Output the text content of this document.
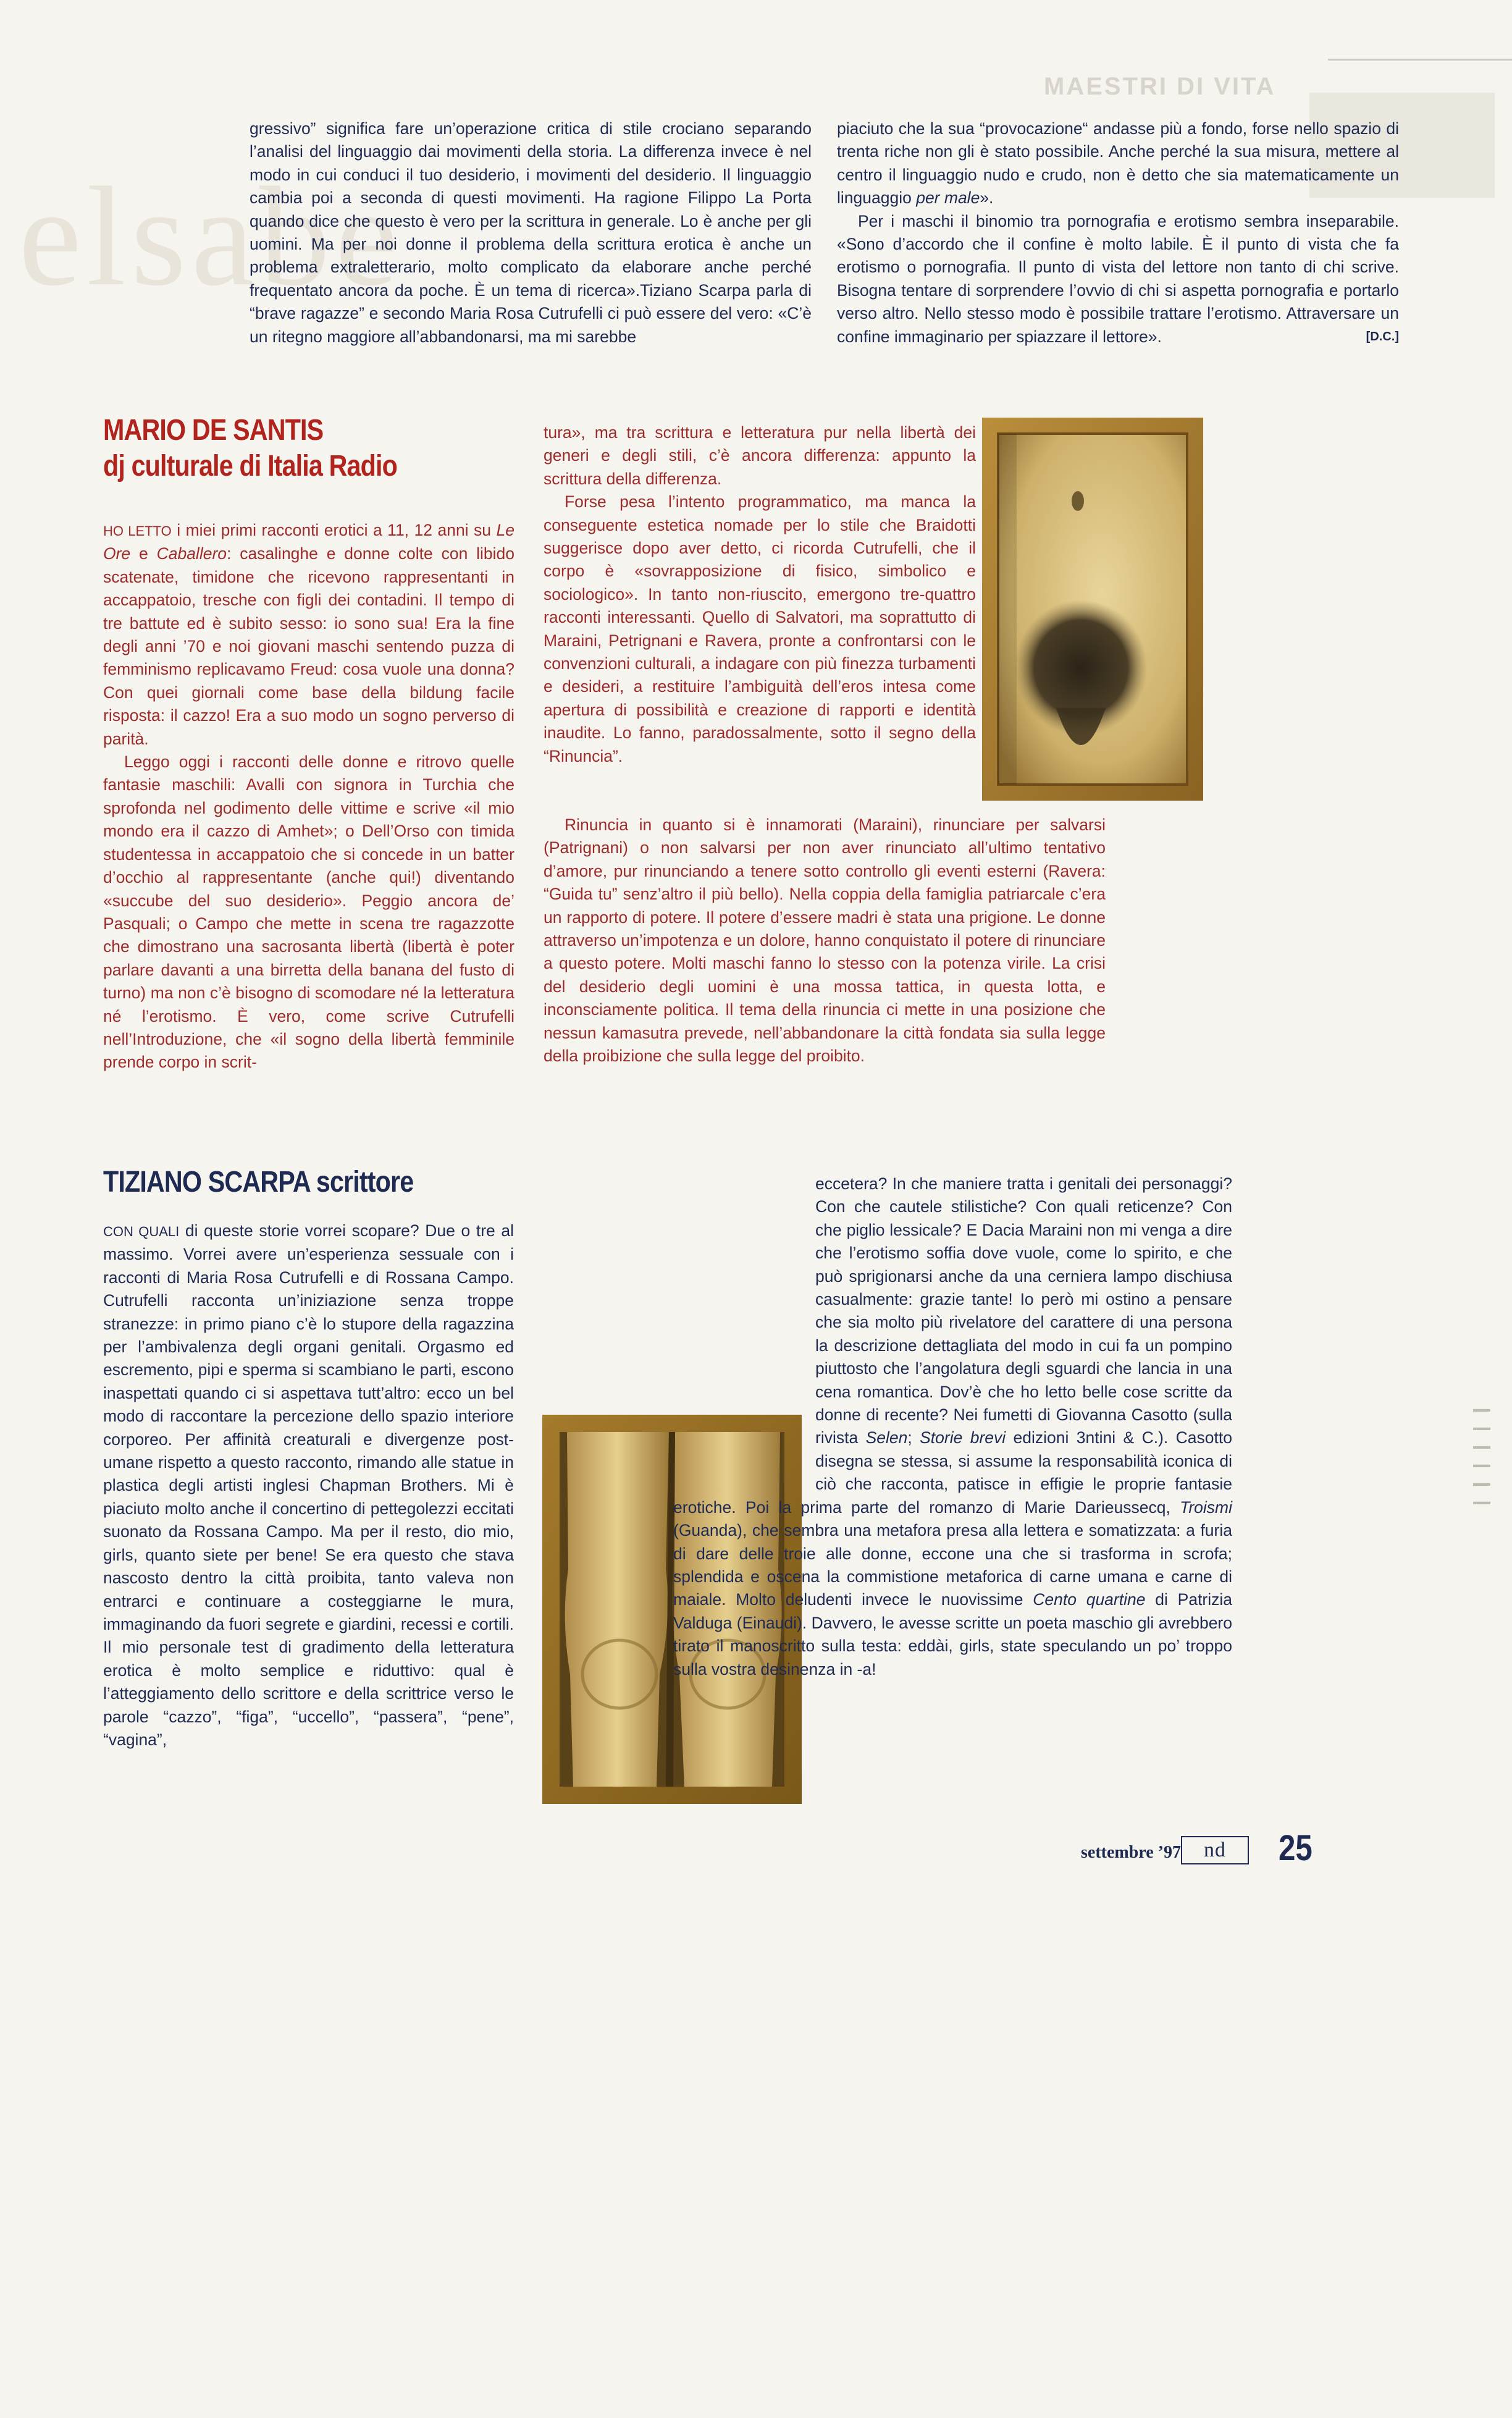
elsabe
MAESTRI DI VITA
▬▬
▬▬
▬▬
▬▬
▬▬
▬▬

gressivo” significa fare un’operazione critica di stile crociano separando l’analisi del linguaggio dai movimenti della storia. La differenza invece è nel modo in cui conduci il tuo desiderio, i movimenti del desiderio. Il linguaggio cambia poi a seconda di questi movimenti. Ha ragione Filippo La Porta quando dice che questo è vero per la scrittura in generale. Lo è anche per gli uomini. Ma per noi donne il problema della scrittura erotica è anche un problema extraletterario, molto complicato da elaborare anche perché frequentato ancora da poche. È un tema di ricerca».Tiziano Scarpa parla di “brave ragazze” e secondo Maria Rosa Cutrufelli ci può essere del vero: «C’è un ritegno maggiore all’abbandonarsi, ma mi sarebbe

piaciuto che la sua “provocazione“ andasse più a fondo, forse nello spazio di trenta riche non gli è stato possibile. Anche perché la sua misura, mettere al centro il linguaggio nudo e crudo, non è detto che sia matematicamente un linguaggio per male».

Per i maschi il binomio tra pornografia e erotismo sembra inseparabile. «Sono d’accordo che il confine è molto labile. È il punto di vista che fa erotismo o pornografia. Il punto di vista del lettore non tanto di chi scrive. Bisogna tentare di sorprendere l’ovvio di chi si aspetta pornografia e portarlo verso altro. Nello stesso modo è possibile trattare l’erotismo. Attraversare un confine immaginario per spiazzare il lettore».	[D.C.]

MARIO DE SANTIS
dj culturale di Italia Radio

HO LETTO i miei primi racconti erotici a 11, 12 anni su Le Ore e Caballero: casalinghe e donne colte con libido scatenate, timidone che ricevono rappresentanti in accappatoio, tresche con figli dei contadini. Il tempo di tre battute ed è subito sesso: io sono sua! Era la fine degli anni ’70 e noi giovani maschi sentendo puzza di femminismo replicavamo Freud: cosa vuole una donna? Con quei giornali come base della bildung facile risposta: il cazzo! Era a suo modo un sogno perverso di parità.

Leggo oggi i racconti delle donne e ritrovo quelle fantasie maschili: Avalli con signora in Turchia che sprofonda nel godimento delle vittime e scrive «il mio mondo era il cazzo di Amhet»; o Dell’Orso con timida studentessa in accappatoio che si concede in un batter d’occhio al rappresentante (anche qui!) diventando «succube del suo desiderio». Peggio ancora de’ Pasquali; o Campo che mette in scena tre ragazzotte che dimostrano una sacrosanta libertà (libertà è poter parlare davanti a una birretta della banana del fusto di turno) ma non c’è bisogno di scomodare né la letteratura né l’erotismo. È vero, come scrive Cutrufelli nell’Introduzione, che «il sogno della libertà femminile prende corpo in scrit-

tura», ma tra scrittura e letteratura pur nella libertà dei generi e degli stili, c’è ancora differenza: appunto la scrittura della differenza.

Forse pesa l’intento programmatico, ma manca la conseguente estetica nomade per lo stile che Braidotti suggerisce dopo aver detto, ci ricorda Cutrufelli, che il corpo è «sovrapposizione di fisico, simbolico e sociologico». In tanto non-riuscito, emergono tre-quattro racconti interessanti. Quello di Salvatori, ma soprattutto di Maraini, Petrignani e Ravera, pronte a confrontarsi con le convenzioni culturali, a indagare con più finezza turbamenti e desideri, a restituire l’ambiguità dell’eros intesa come apertura di possibilità e creazione di rapporti e identità inaudite. Lo fanno, paradossalmente, sotto il segno della “Rinuncia”.

Rinuncia in quanto si è innamorati (Maraini), rinunciare per salvarsi (Patrignani) o non salvarsi per non aver rinunciato all’ultimo tentativo d’amore, pur rinunciando a tenere sotto controllo gli eventi esterni (Ravera: “Guida tu” senz’altro il più bello). Nella coppia della famiglia patriarcale c’era un rapporto di potere. Il potere d’essere madri è stata una prigione. Le donne attraverso un’impotenza e un dolore, hanno conquistato il potere di rinunciare a questo potere. Molti maschi fanno lo stesso con la potenza virile. La crisi del desiderio degli uomini è una mossa tattica, in questa lotta, e inconsciamente politica. Il tema della rinuncia ci mette in una posizione che nessun kamasutra prevede, nell’abbandonare la città fondata sia sulla legge della proibizione che sulla legge del proibito.

TIZIANO SCARPA scrittore

CON QUALI di queste storie vorrei scopare? Due o tre al massimo. Vorrei avere un’esperienza sessuale con i racconti di Maria Rosa Cutrufelli e di Rossana Campo. Cutrufelli racconta un’iniziazione senza troppe stranezze: in primo piano c’è lo stupore della ragazzina per l’ambivalenza degli organi genitali. Orgasmo ed escremento, pipi e sperma si scambiano le parti, escono inaspettati quando ci si aspettava tutt’altro: ecco un bel modo di raccontare la percezione dello spazio interiore corporeo. Per affinità creaturali e divergenze post-umane rispetto a questo racconto, rimando alle statue in plastica degli artisti inglesi Chapman Brothers. Mi è piaciuto molto anche il concertino di pettegolezzi eccitati suonato da Rossana Campo. Ma per il resto, dio mio, girls, quanto siete per bene! Se era questo che stava nascosto dentro la città proibita, tanto valeva non entrarci e continuare a costeggiarne le mura, immaginando da fuori segrete e giardini, recessi e cortili. Il mio personale test di gradimento della letteratura erotica è molto semplice e riduttivo: qual è l’atteggiamento dello scrittore e della scrittrice verso le parole “cazzo”, “figa”, “uccello”, “passera”, “pene”, “vagina”,

eccetera? In che maniere tratta i genitali dei personaggi? Con che cautele stilistiche? Con quali reticenze? Con che piglio lessicale? E Dacia Maraini non mi venga a dire che l’erotismo soffia dove vuole, come lo spirito, e che può sprigionarsi anche da una cerniera lampo dischiusa casualmente: grazie tante! Io però mi ostino a pensare che sia molto più rivelatore del carattere di una persona la descrizione dettagliata del modo in cui fa un pompino piuttosto che l’angolatura degli sguardi che lancia in una cena romantica. Dov’è che ho letto belle cose scritte da donne di recente? Nei fumetti di Giovanna Casotto (sulla rivista Selen; Storie brevi edizioni 3ntini & C.). Casotto disegna se stessa, si assume la responsabilità iconica di ciò che racconta, patisce in effigie le proprie fantasie erotiche. Poi la prima parte del romanzo di Marie Darieussecq, Troismi (Guanda), che sembra una metafora presa alla lettera e somatizzata: a furia di dare delle troie alle donne, eccone una che si trasforma in scrofa; splendida e oscena la commistione metaforica di carne umana e carne di maiale. Molto deludenti invece le nuovissime Cento quartine di Patrizia Valduga (Einaudi). Davvero, le avesse scritte un poeta maschio gli avrebbero tirato il manoscritto sulla testa: eddài, girls, state speculando un po’ troppo sulla vostra desinenza in -a!

settembre ’97	nd	25
